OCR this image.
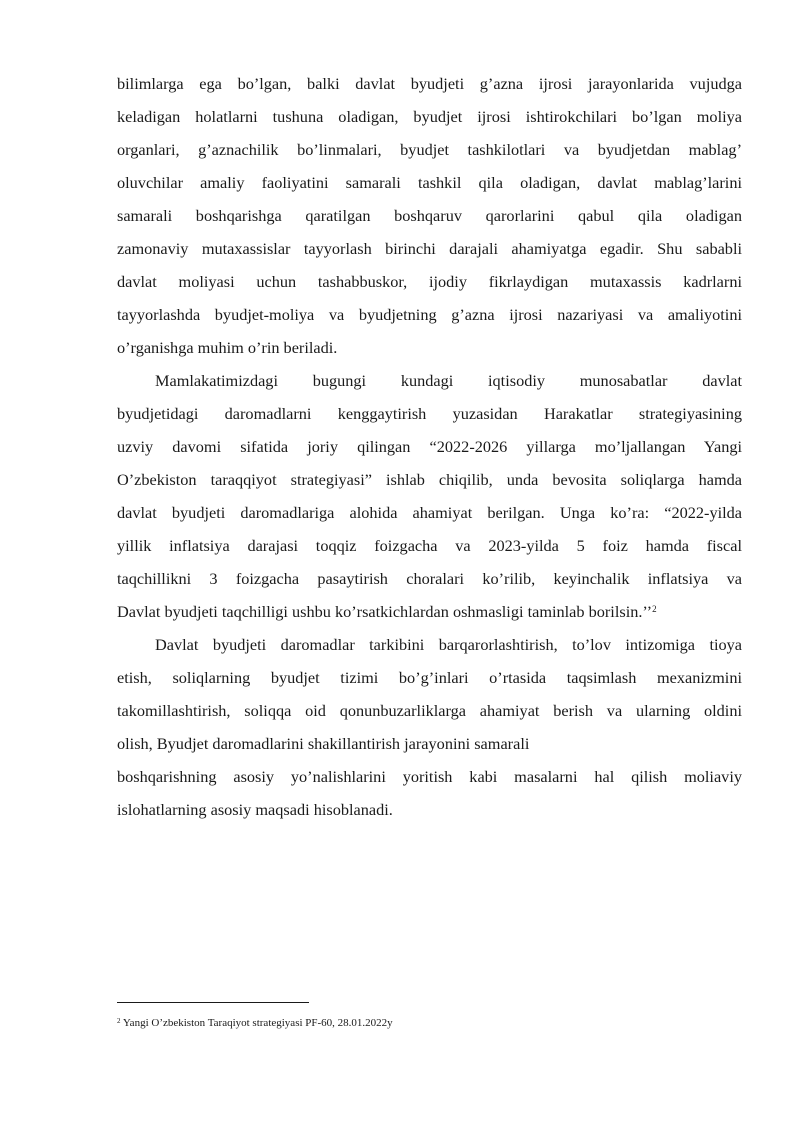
bilimlarga ega bo’lgan, balki davlat byudjeti g’azna ijrosi jarayonlarida vujudga
keladigan holatlarni tushuna oladigan, byudjet ijrosi ishtirokchilari bo’lgan moliya
organlari, g’aznachilik bo’linmalari, byudjet tashkilotlari va byudjetdan mablag’
oluvchilar amaliy faoliyatini samarali tashkil qila oladigan, davlat mablag’larini
samarali boshqarishga qaratilgan boshqaruv qarorlarini qabul qila oladigan
zamonaviy mutaxassislar tayyorlash birinchi darajali ahamiyatga egadir. Shu sababli
davlat moliyasi uchun tashabbuskor, ijodiy fikrlaydigan mutaxassis kadrlarni
tayyorlashda byudjet-moliya va byudjetning g’azna ijrosi nazariyasi va amaliyotini
o’rganishga muhim o’rin beriladi.
Mamlakatimizdagi bugungi kundagi iqtisodiy munosabatlar davlat
byudjetidagi daromadlarni kenggaytirish yuzasidan Harakatlar strategiyasining
uzviy davomi sifatida joriy qilingan “2022-2026 yillarga mo’ljallangan Yangi
O’zbekiston taraqqiyot strategiyasi” ishlab chiqilib, unda bevosita soliqlarga hamda
davlat byudjeti daromadlariga alohida ahamiyat berilgan. Unga ko’ra: “2022-yilda
yillik inflatsiya darajasi toqqiz foizgacha va 2023-yilda 5 foiz hamda fiscal
taqchillikni 3 foizgacha pasaytirish choralari ko’rilib, keyinchalik inflatsiya va
Davlat byudjeti taqchilligi ushbu ko’rsatkichlardan oshmasligi taminlab borilsin.’’$^2$
Davlat byudjeti daromadlar tarkibini barqarorlashtirish, to’lov intizomiga tioya
etish, soliqlarning byudjet tizimi bo’g’inlari o’rtasida taqsimlash mexanizmini
takomillashtirish, soliqqa oid qonunbuzarliklarga ahamiyat berish va ularning oldini
olish, Byudjet daromadlarini shakillantirish jarayonini samarali
boshqarishning asosiy yo’nalishlarini yoritish kabi masalarni hal qilish moliaviy
islohatlarning asosiy maqsadi hisoblanadi.
$^2$ Yangi O’zbekiston Taraqiyot strategiyasi PF-60, 28.01.2022y
